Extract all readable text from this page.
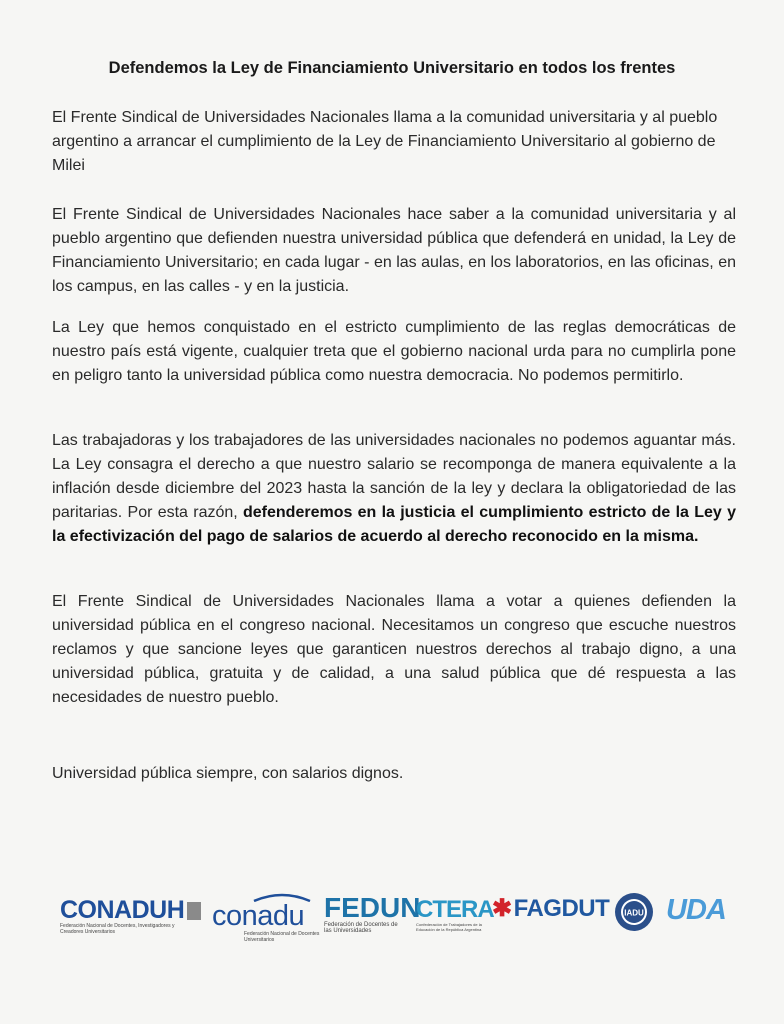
Defendemos la Ley de Financiamiento Universitario en todos los frentes
El Frente Sindical de Universidades Nacionales llama a la comunidad universitaria y al pueblo argentino a arrancar el cumplimiento de la Ley de Financiamiento Universitario al gobierno de Milei
El Frente Sindical de Universidades Nacionales hace saber a la comunidad universitaria y al pueblo argentino que defienden nuestra universidad pública que defenderá en unidad, la Ley de Financiamiento Universitario; en cada lugar - en las aulas, en los laboratorios, en las oficinas, en los campus, en las calles - y en la justicia.
La Ley que hemos conquistado en el estricto cumplimiento de las reglas democráticas de nuestro país está vigente, cualquier treta que el gobierno nacional urda para no cumplirla pone en peligro tanto la universidad pública como nuestra democracia. No podemos permitirlo.
Las trabajadoras y los trabajadores de las universidades nacionales no podemos aguantar más. La Ley consagra el derecho a que nuestro salario se recomponga de manera equivalente a la inflación desde diciembre del 2023 hasta la sanción de la ley y declara la obligatoriedad de las paritarias. Por esta razón, defenderemos en la justicia el cumplimiento estricto de la Ley y la efectivización del pago de salarios de acuerdo al derecho reconocido en la misma.
El Frente Sindical de Universidades Nacionales llama a votar a quienes defienden la universidad pública en el congreso nacional. Necesitamos un congreso que escuche nuestros reclamos y que sancione leyes que garanticen nuestros derechos al trabajo digno, a una universidad pública, gratuita y de calidad, a una salud pública que dé respuesta a las necesidades de nuestro pueblo.
Universidad pública siempre, con salarios dignos.
CONADUH
Federación Nacional de Docentes, Investigadores y Creadores Universitarios	conadu
Federación Nacional de Docentes Universitarios
FEDUN
Federación de Docentes de las Universidades
CTERA
Confederación de Trabajadores de la Educación de la República Argentina
✱FAGDUT IADU UDA
